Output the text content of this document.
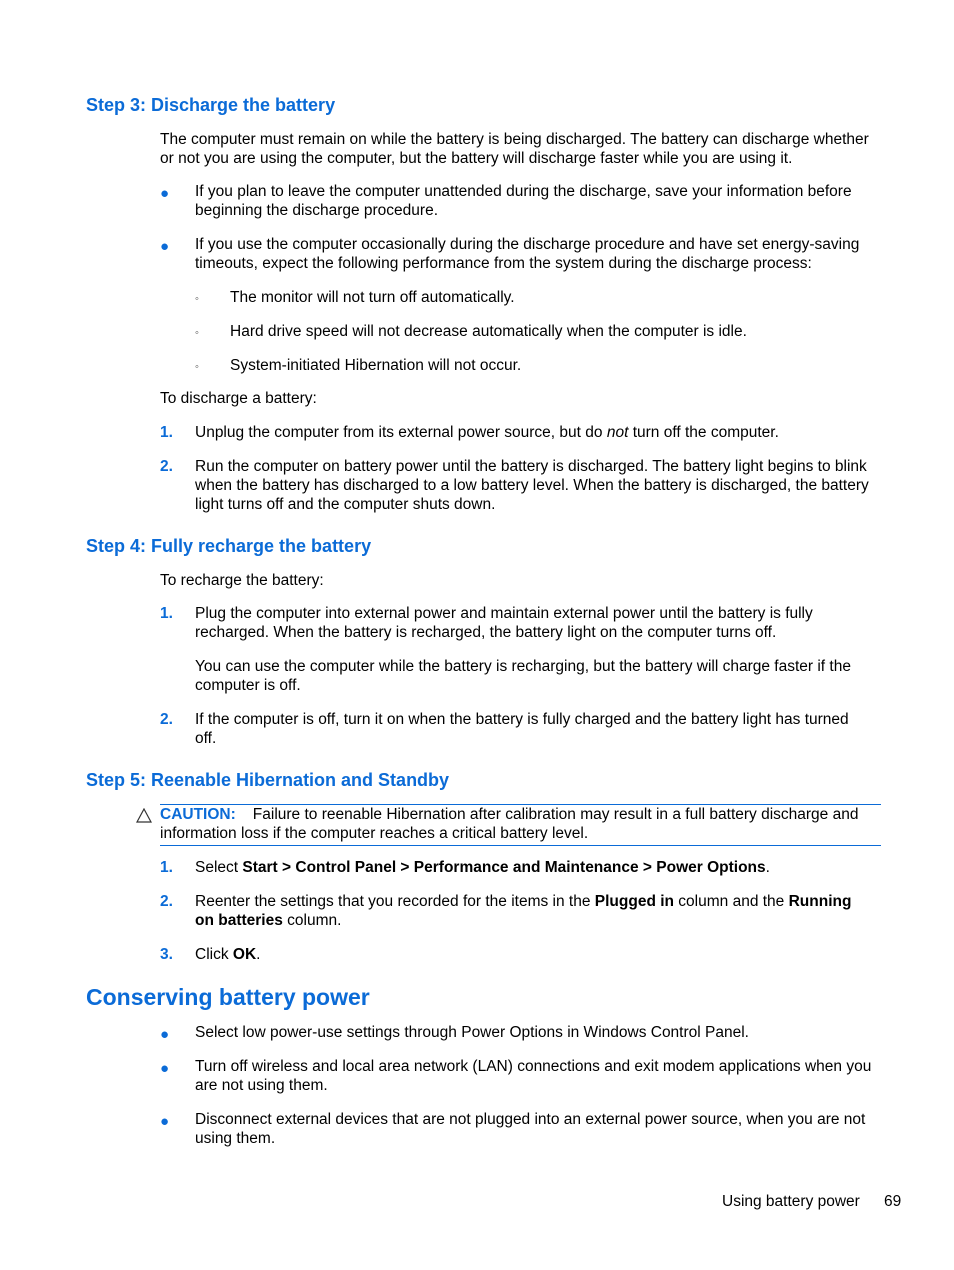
Step 3: Discharge the battery
The computer must remain on while the battery is being discharged. The battery can discharge whether
or not you are using the computer, but the battery will discharge faster while you are using it.
● If you plan to leave the computer unattended during the discharge, save your information before
beginning the discharge procedure.
● If you use the computer occasionally during the discharge procedure and have set energy-saving
timeouts, expect the following performance from the system during the discharge process:
◦ The monitor will not turn off automatically.
◦ Hard drive speed will not decrease automatically when the computer is idle.
◦ System-initiated Hibernation will not occur.
To discharge a battery:
1. Unplug the computer from its external power source, but do not turn off the computer.
2. Run the computer on battery power until the battery is discharged. The battery light begins to blink
when the battery has discharged to a low battery level. When the battery is discharged, the battery
light turns off and the computer shuts down.
Step 4: Fully recharge the battery
To recharge the battery:
1. Plug the computer into external power and maintain external power until the battery is fully
recharged. When the battery is recharged, the battery light on the computer turns off.
You can use the computer while the battery is recharging, but the battery will charge faster if the
computer is off.
2. If the computer is off, turn it on when the battery is fully charged and the battery light has turned
off.
Step 5: Reenable Hibernation and Standby
CAUTION: Failure to reenable Hibernation after calibration may result in a full battery discharge and
information loss if the computer reaches a critical battery level.
1. Select Start > Control Panel > Performance and Maintenance > Power Options.
2. Reenter the settings that you recorded for the items in the Plugged in column and the Running
on batteries column.
3. Click OK.
Conserving battery power
● Select low power-use settings through Power Options in Windows Control Panel.
● Turn off wireless and local area network (LAN) connections and exit modem applications when you
are not using them.
● Disconnect external devices that are not plugged into an external power source, when you are not
using them.
Using battery power 69
